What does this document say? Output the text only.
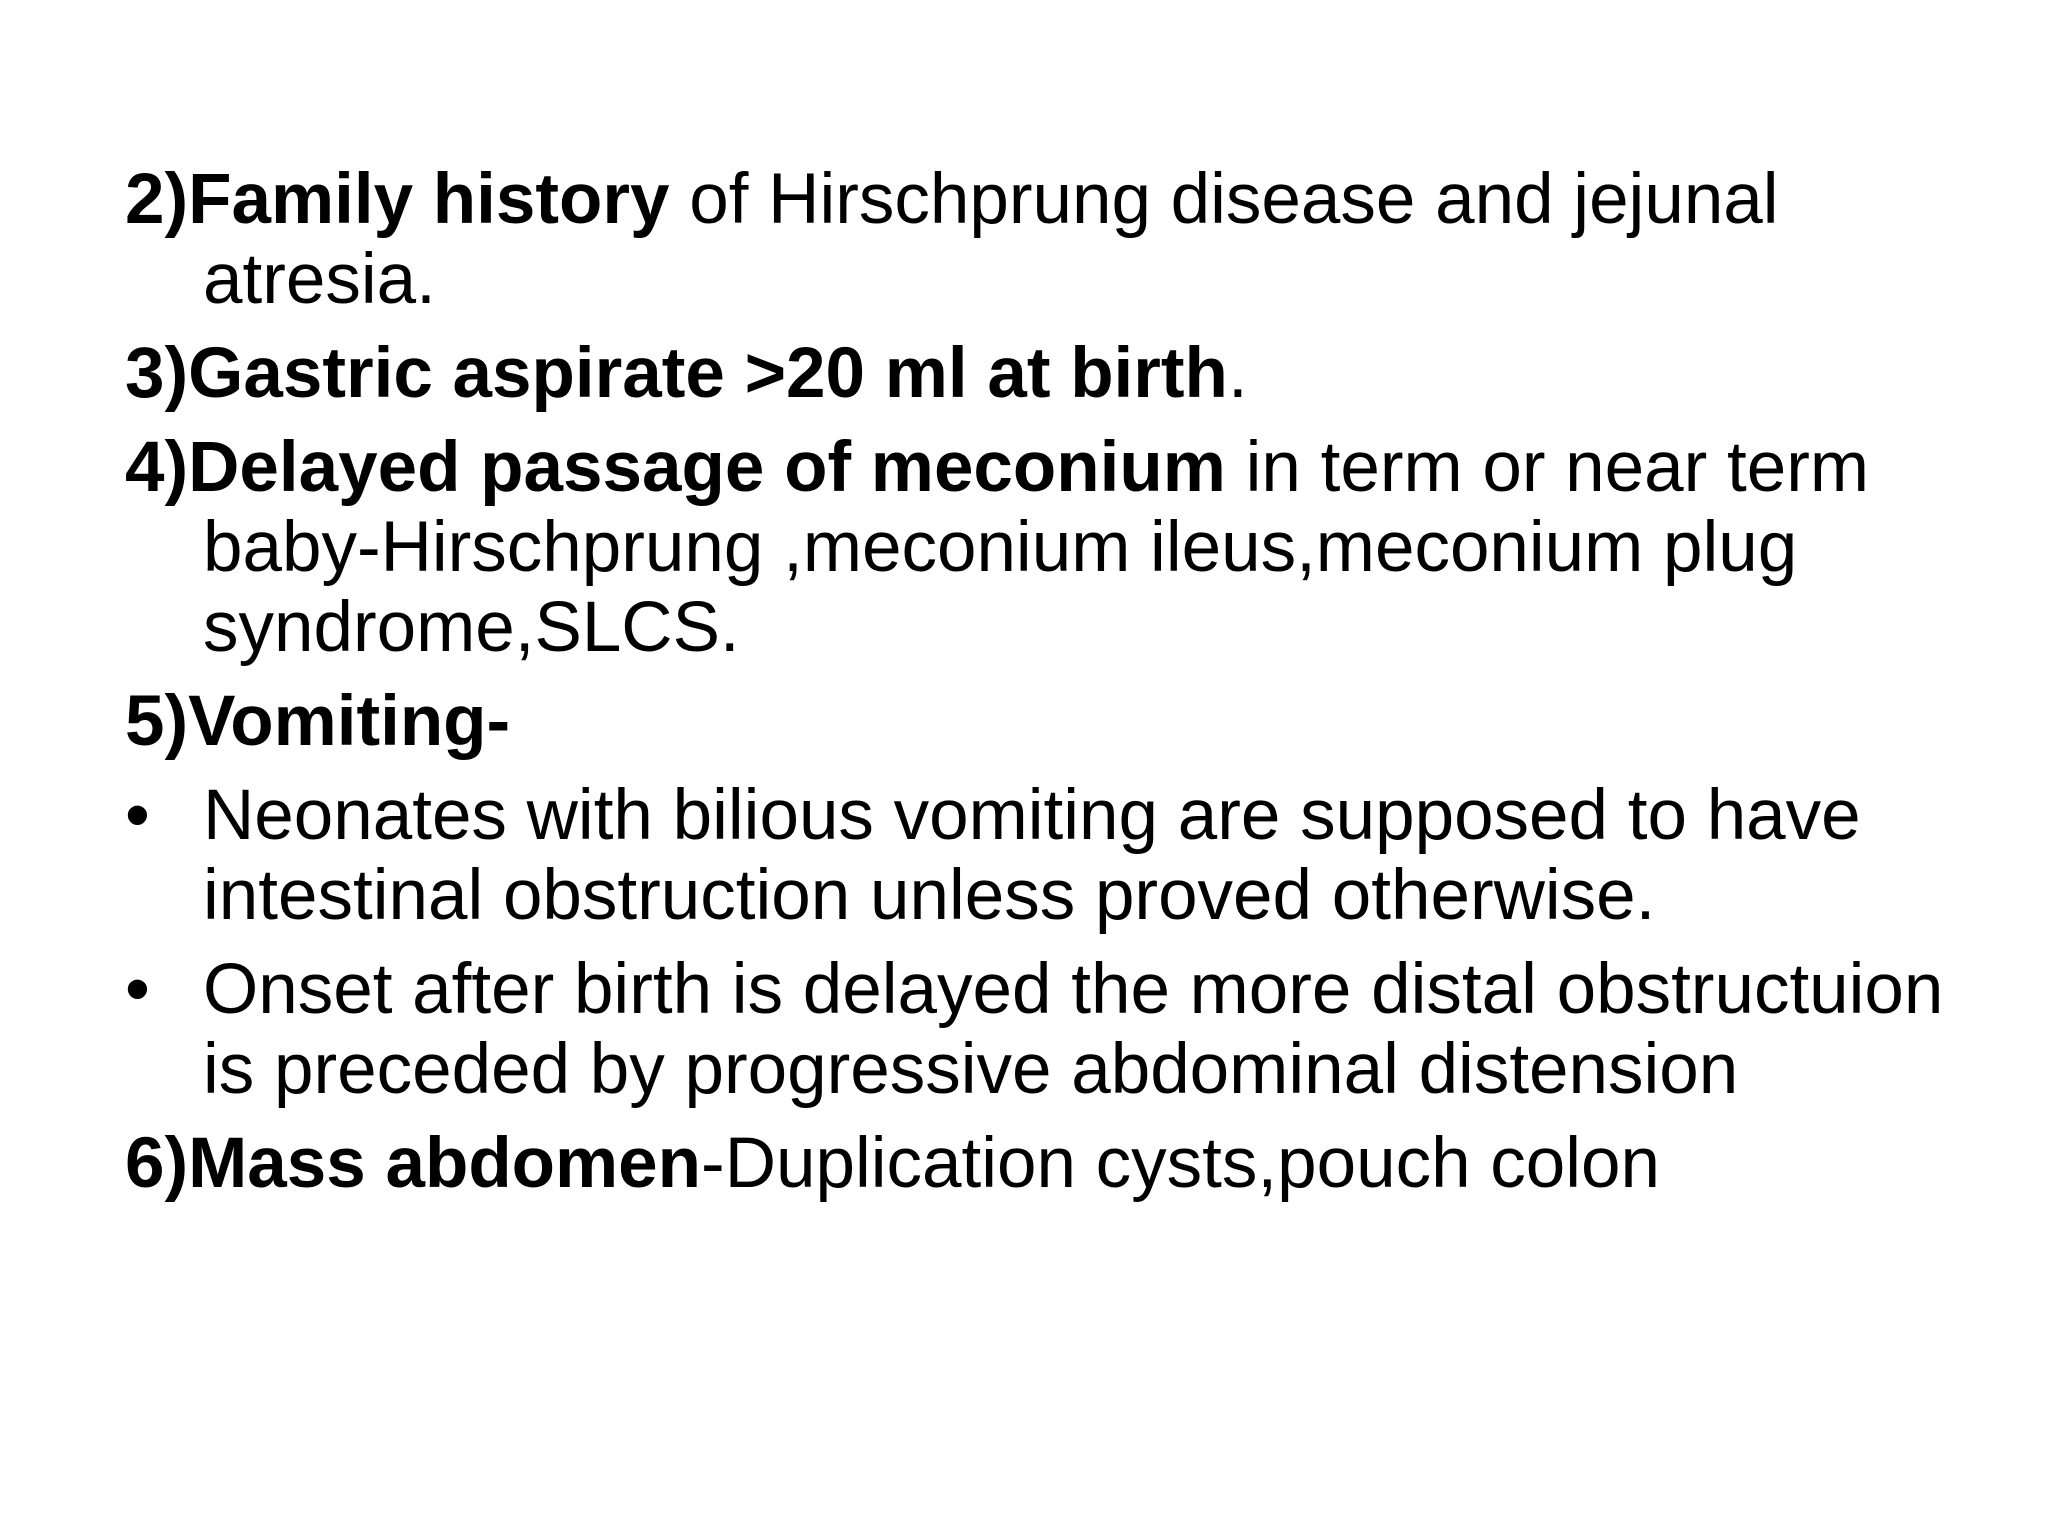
2)Family history of Hirschprung disease and jejunal atresia.
3)Gastric aspirate >20 ml at birth.
4)Delayed passage of meconium in term or near term baby-Hirschprung ,meconium ileus,meconium plug syndrome,SLCS.
5)Vomiting-
• Neonates with bilious vomiting are supposed to have intestinal obstruction unless proved otherwise.
• Onset after birth is delayed the more distal obstructuion is preceded by progressive abdominal distension
6)Mass abdomen-Duplication cysts,pouch colon
